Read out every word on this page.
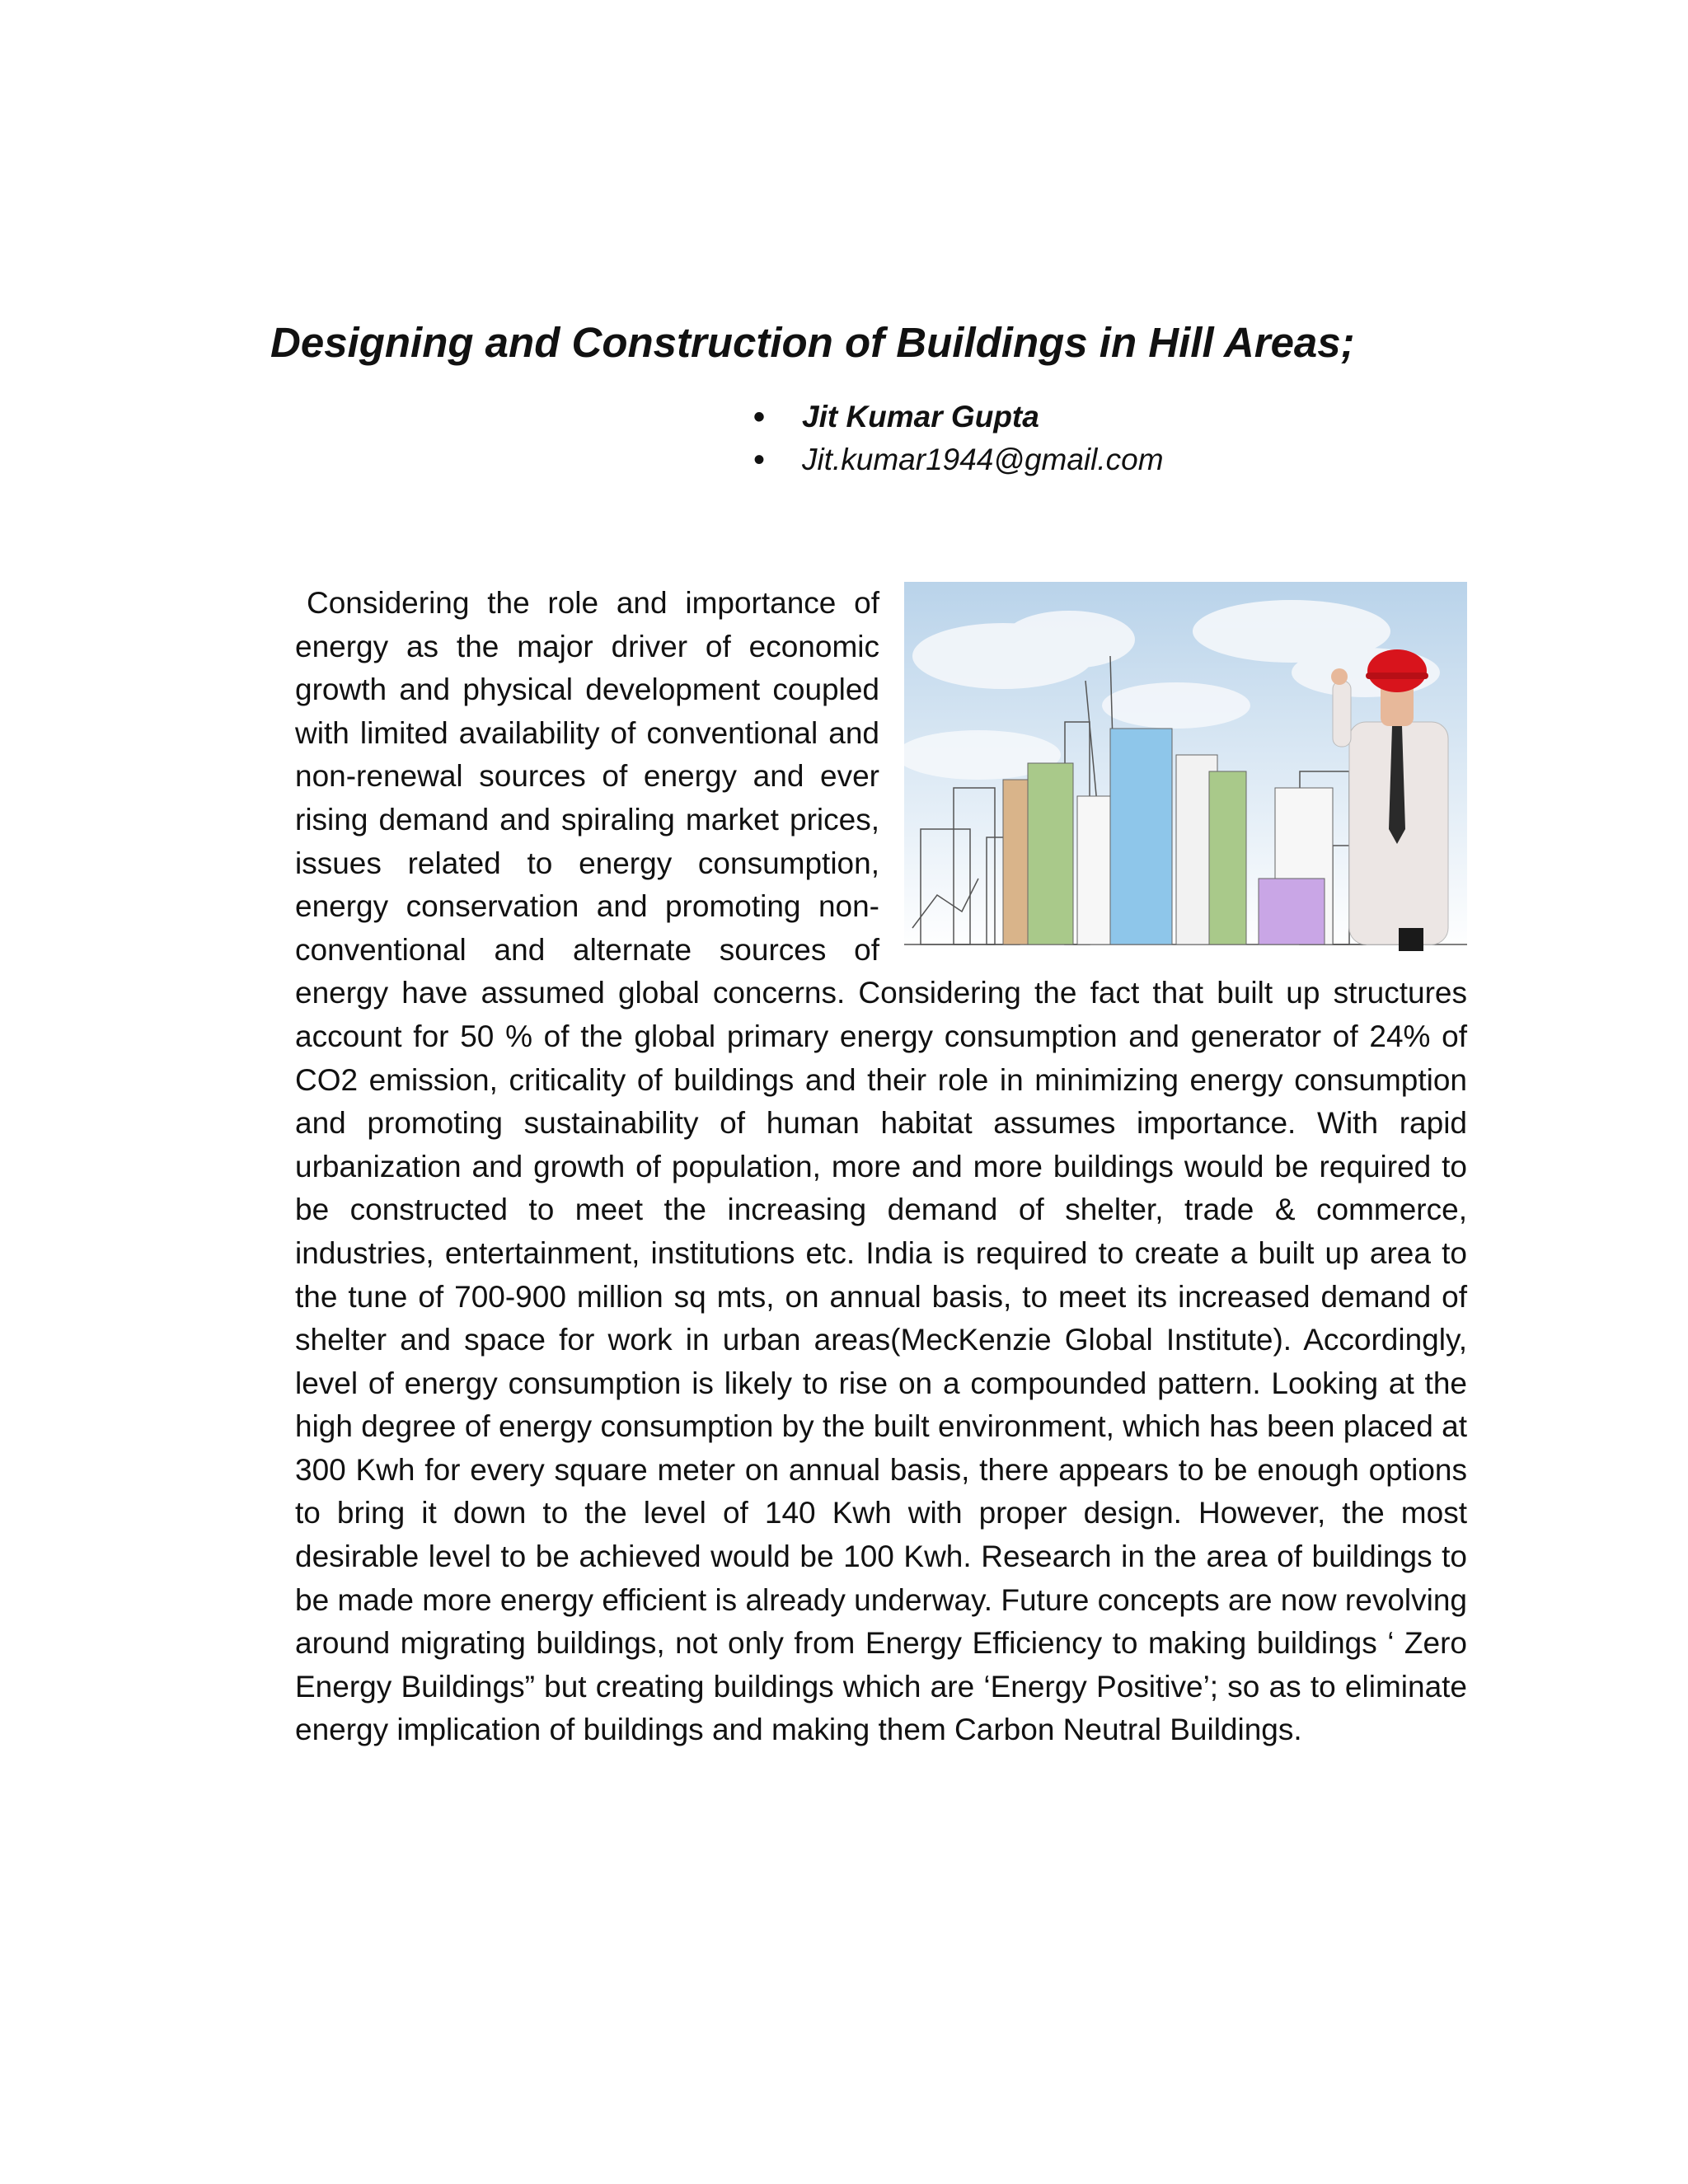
Designing and Construction of Buildings in Hill Areas;
• Jit Kumar Gupta
• Jit.kumar1944@gmail.com
Considering the role and importance of energy as the major driver of economic growth and physical development coupled with limited availability of conventional and non-renewal sources of energy and ever rising demand and spiraling market prices, issues related to energy consumption, energy conservation and promoting non-conventional and alternate sources of energy have assumed global concerns. Considering the fact that built up structures account for 50 % of the global primary energy consumption and generator of 24% of CO2 emission, criticality of buildings and their role in minimizing energy consumption and promoting sustainability of human habitat assumes importance. With rapid urbanization and growth of population, more and more buildings would be required to be constructed to meet the increasing demand of shelter, trade & commerce, industries, entertainment, institutions etc. India is required to create a built up area to the tune of 700-900 million sq mts, on annual basis, to meet its increased demand of shelter and space for work in urban areas(MecKenzie Global Institute). Accordingly, level of energy consumption is likely to rise on a compounded pattern. Looking at the high degree of energy consumption by the built environment, which has been placed at 300 Kwh for every square meter on annual basis, there appears to be enough options to bring it down to the level of 140 Kwh with proper design. However, the most desirable level to be achieved would be 100 Kwh. Research in the area of buildings to be made more energy efficient is already underway. Future concepts are now revolving around migrating buildings, not only from Energy Efficiency to making buildings ‘ Zero Energy Buildings” but creating buildings which are ‘Energy Positive’; so as to eliminate energy implication of buildings and making them Carbon Neutral Buildings.
